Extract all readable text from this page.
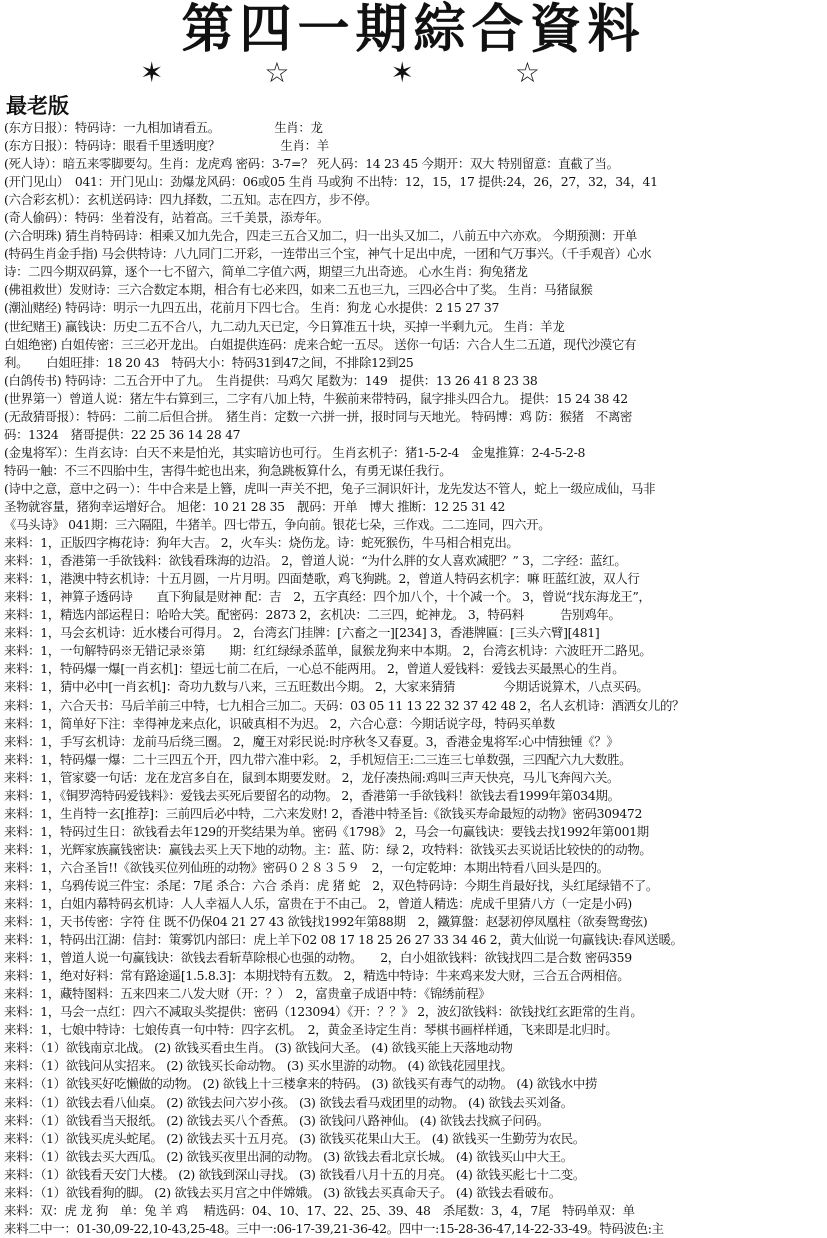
第四一期綜合資料
✶	☆	✶	☆
最老版
(东方日报）：特码诗：一九相加请看五。　　　　　生肖：龙
(东方日报）：特码诗：眼看千里透明度？　　　　　生肖：羊
(死人诗）：暗五来零脚要勾。生肖：龙虎鸡 密码：3-7=？ 死人码：14 23 45 今期开：双大 特别留意：直截了当。
(开门见山）　041：开门见山：劲爆龙风码：06或05 生肖 马或狗 不出特：12，15，17 提供:24，26，27，32，34，41
(六合彩玄机）：玄机送码诗：四九择数，二五知。志在四方，步不停。
(奇人偷码）：特码：坐着没有，站着高。三千美景，添寿年。
(六合明珠) 猜生肖特码诗：相乘又加九先合，四走三五合又加二，归一出头又加二，八前五中六亦欢。 今期预测：开单
(特码生肖金手指) 马会供特诗：八九同门二开彩，一连带出三个宝，神气十足出中虎，一团和气万事兴。（千手观音）心水
诗：二四今期双码算，逐个一七不留六，简单二字值六两，期望三九出奇迹。 心水生肖：狗兔猪龙
(佛祖救世）发财诗：三六合数定本期，相合有七必来四，如来二五也三九，三四必合中了奖。 生肖：马猪鼠猴
(潮汕赌经) 特码诗：明示一九四五出，花前月下四七合。 生肖：狗龙 心水提供：2 15 27 37
(世纪赌王) 赢钱诀：历史二五不合八，九二动九天已定，今日算准五十块，买掉一半剩九元。 生肖：羊龙
白姐绝密) 白姐传密：三三必开龙出。 白姐提供连码：虎来合蛇一五尽。 送你一句话：六合人生二五道，现代沙漠它有
利。　　白姐旺排：18 20 43　特码大小：特码31到47之间，不排除12到25
(白鸽传书) 特码诗：二五合开中了九。　生肖提供：马鸡欠 尾数为：149　提供：13 26 41 8 23 38
(世界第一）曾道人说：猪左牛右算到三，二字有八加上特，牛猴前来带特码，鼠字排头四合九。 提供：15 24 38 42
(无敌猜哥报）：特码：二前二后但合拼。　猪生肖：定数一六拼一拼，报时同与天地光。 特码博：鸡 防：猴猪　不离密
码：1324　猪哥提供：22 25 36 14 28 47
(金鬼将军）：生肖玄诗：白天不来是怕光，其实暗访也可行。 生肖玄机子：猪1-5-2-4　金鬼推算：2-4-5-2-8
特码一触：不三不四胎中生，害得牛蛇也出来，狗急跳板算什么，有勇无谋任我行。
(诗中之意，意中之码一）：牛中合来是上簪，虎叫一声关不把，兔子三洞识奸计，龙先发达不管人，蛇上一级应成仙，马非
圣物就容量，猪狗幸运增好合。 旭佬：10 21 28 35　靓码：开单　博大 推断：12 25 31 42
《马头诗》 041期：三六隔阻，牛猪羊。四七带五，争向前。银花七朵，三作戏。二二连同，四六开。
来料：1，正版四字梅花诗：狗年大吉。 2，火车头：烧伤龙。诗：蛇死猴伤，牛马相合相克出。
来料：1，香港第一手欲钱料：欲钱看珠海的边沿。 2，曾道人说：“为什么胖的女人喜欢减肥？” 3，二字经：蓝红。
来料：1，港澳中特玄机诗：十五月圆，一片月明。四面楚歌，鸡飞狗跳。2，曾道人特码玄机字：嘛 旺蓝红波，双人行
来料：1，神算子透码诗　　直下狗鼠是财神 配：吉　2，五字真经：四个加八个，十个减一个。 3，曾说“找东海龙王”，
来料：1，精选内部运程日：哈哈大笑。配密码：2873 2，玄机决：二三四，蛇神龙。 3，特码料　　　告别鸡年。
来料：1，马会玄机诗：近水楼台可得月。 2，台湾玄门挂牌：[六畜之一][234] 3，香港牌匾：[三头六臂][481]
来料：1，一句解特码※无错记录※第　　期：红红绿绿杀蓝单，鼠猴龙狗来中本期。 2，台湾玄机诗：六波旺开二路见。
来料：1，特码爆一爆[一肖玄机]：望远七前二在后，一心总不能两用。 2，曾道人爱钱料：爱钱去买最黑心的生肖。
来料：1，猜中必中[一肖玄机]：奇功九数与八来，三五旺数出今期。 2，大家来猜猜　　　　今期话说算术，八点买码。
来料：1，六合天书：马后羊前三中特，七九相合三加二。天码：03 05 11 13 22 32 37 42 48 2，名人玄机诗：酒洒女儿的？
来料：1，简单好下注：幸得神龙来点化，识破真相不为迟。 2，六合心意：今期话说字母，特码买单数
来料：1，手写玄机诗：龙前马后绕三圈。 2，魔王对彩民说:时序秋冬又春夏。3，香港金鬼将军:心中情独锺《？》
来料：1，特码爆一爆：二十三四五个开，四九带六准中彩。 2，手机短信王:二三连三七单数强，三四配六九大数胜。
来料：1，管家婆一句话：龙在龙宫多自在，鼠到本期要发财。 2，龙仔凑热闹:鸡叫三声天快亮，马儿飞奔闯六关。
来料：1，《铜罗湾特码爱钱料》：爱钱去买死后要留名的动物。 2，香港第一手欲钱料！欲钱去看1999年第034期。
来料：1，生肖特一玄[推荐]：三前四后必中特，二六来发财! 2，香港中特圣旨:《欲钱买寿命最短的动物》密码309472
来料：1，特码过生日：欲钱看去年129的开奖结果为单。密码《1798》 2，马会一句赢钱诀：要钱去找1992年第001期
来料：1，光辉家族赢钱密诀：赢钱去买上天下地的动物。主：蓝、防：绿 2，攻特料：欲钱买去买说话比较快的的动物。
来料：1，六合圣旨!!《欲钱买位列仙班的动物》密码０２８３５９　2，一句定乾坤：本期出特看八回头是四的。
来料：1，乌鸦传说三件宝：杀尾：7尾 杀合：六合 杀肖：虎 猪 蛇　2，双色特码诗：今期生肖最好找，头红尾绿错不了。
来料：1，白姐内幕特码玄机诗：人人幸福人人乐，富贵在于不由己。 2，曾道人精选：虎成千里猜八方（一定是小码)
来料：1，天书传密：字符 住 既不仍保04 21 27 43 欲钱找1992年第88期　2，鐵算盤：赵瑟初停凤凰柱（欲奏鸳鸯弦)
来料：1，特码出江湖：信封：策雾饥内部曰：虎上羊下02 08 17 18 25 26 27 33 34 46 2，黄大仙说一句赢钱诀:春风送暖。
来料：1，曾道人说一句赢钱诀：欲钱去看斩草除根心也强的动物。　　2，白小姐欲钱料：欲钱找四二是合数 密码359
来料：1，绝对好料：常有路途遥[1.5.8.3]：本期找特有五数。 2，精选中特诗：牛来鸡来发大财，三合五合两相倍。
来料：1，藏特图料：五来四来二八发大财（开：？）　2，富贵童子成语中特：《锦绣前程》
来料：1，马会一点红：四六不减取头奖提供：密码（123094）《开：？？》 2，波幻欲钱料：欲钱找红玄距常的生肖。
来料：1，七娘中特诗：七娘传真一句中特：四字玄机。　2，黄金圣诗定生肖：琴棋书画样样通，飞来即是北归时。
来料：（1）欲钱南京北战。 (2) 欲钱买看虫生肖。 (3) 欲钱问大圣。 (4) 欲钱买能上天落地动物
来料：（1）欲钱问从实招来。 (2) 欲钱买长命动物。 (3) 买水里游的动物。 (4) 欲钱花园里找。
来料：（1）欲钱买好吃懒做的动物。 (2) 欲钱上十三楼拿来的特码。 (3) 欲钱买有毒气的动物。 (4) 欲钱水中捞
来料：（1）欲钱去看八仙桌。 (2) 欲钱去问六岁小孩。 (3) 欲钱去看马戏团里的动物。 (4) 欲钱去买刘备。
来料：（1）欲钱看当天报纸。 (2) 欲钱去买八个香蕉。 (3) 欲钱问八路神仙。 (4) 欲钱去找疯子问码。
来料：（1）欲钱买虎头蛇尾。 (2) 欲钱去买十五月亮。 (3) 欲钱买花果山大王。 (4) 欲钱买一生勤劳为农民。
来料：（1）欲钱去买大西瓜。 (2) 欲钱买夜里出洞的动物。 (3) 欲钱去看北京长城。 (4) 欲钱买山中大王。
来料：（1）欲钱看天安门大楼。 (2) 欲钱到深山寻找。 (3) 欲钱看八月十五的月亮。 (4) 欲钱买彪七十二变。
来料：（1）欲钱看狗的脚。 (2) 欲钱去买月宫之中伴嫦娥。 (3) 欲钱去买真命天子。 (4) 欲钱去看破布。
来料：双：虎 龙 狗　单：兔 羊 鸡　 精选码：04、10、17、22、25、39、48　杀尾数：3，4，7尾　特码单双：单
来料二中一：01-30,09-22,10-43,25-48。三中一:06-17-39,21-36-42。四中一:15-28-36-47,14-22-33-49。特码波色:主
